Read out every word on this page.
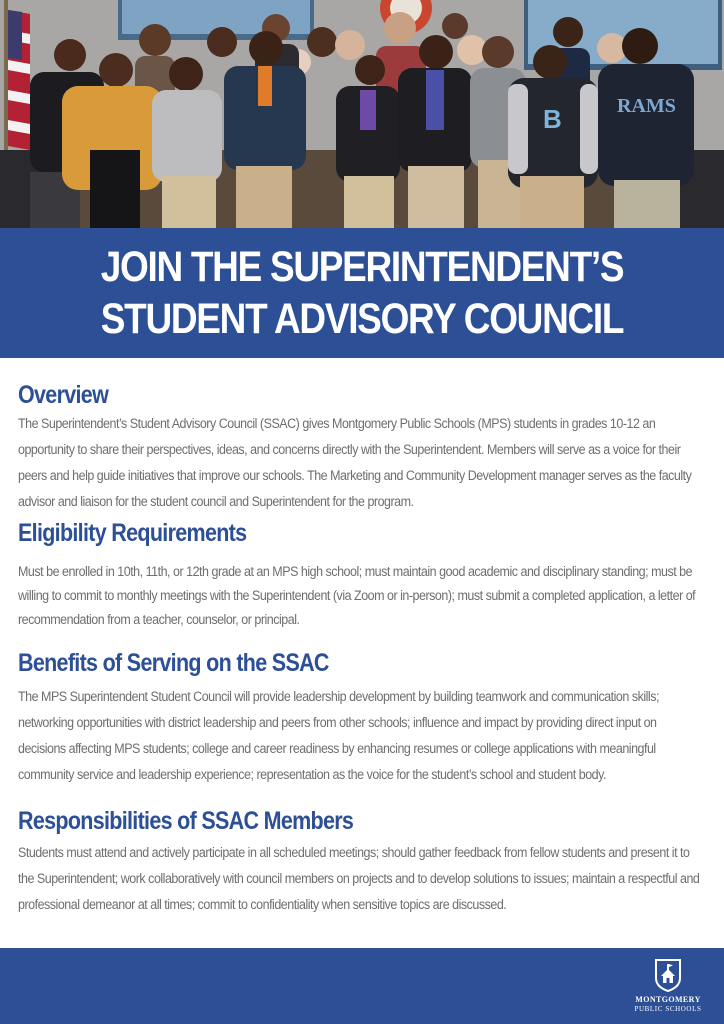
B	RAMS
JOIN THE SUPERINTENDENT’S STUDENT ADVISORY COUNCIL
Overview

The Superintendent’s Student Advisory Council (SSAC) gives Montgomery Public Schools (MPS) students in grades 10-12 an opportunity to share their perspectives, ideas, and concerns directly with the Superintendent. Members will serve as a voice for their peers and help guide initiatives that improve our schools. The Marketing and Community Development manager serves as the faculty advisor and liaison for the student council and Superintendent for the program.

Eligibility Requirements

Must be enrolled in 10th, 11th, or 12th grade at an MPS high school; must maintain good academic and disciplinary standing; must be willing to commit to monthly meetings with the Superintendent (via Zoom or in-person); must submit a completed application, a letter of recommendation from a teacher, counselor, or principal.

Benefits of Serving on the SSAC

The MPS Superintendent Student Council will provide leadership development by building teamwork and communication skills; networking opportunities with district leadership and peers from other schools; influence and impact by providing direct input on decisions affecting MPS students; college and career readiness by enhancing resumes or college applications with meaningful community service and leadership experience; representation as the voice for the student’s school and student body.

Responsibilities of SSAC Members

Students must attend and actively participate in all scheduled meetings; should gather feedback from fellow students and present it to the Superintendent; work collaboratively with council members on projects and to develop solutions to issues; maintain a respectful and professional demeanor at all times; commit to confidentiality when sensitive topics are discussed.

MONTGOMERY
PUBLIC SCHOOLS
